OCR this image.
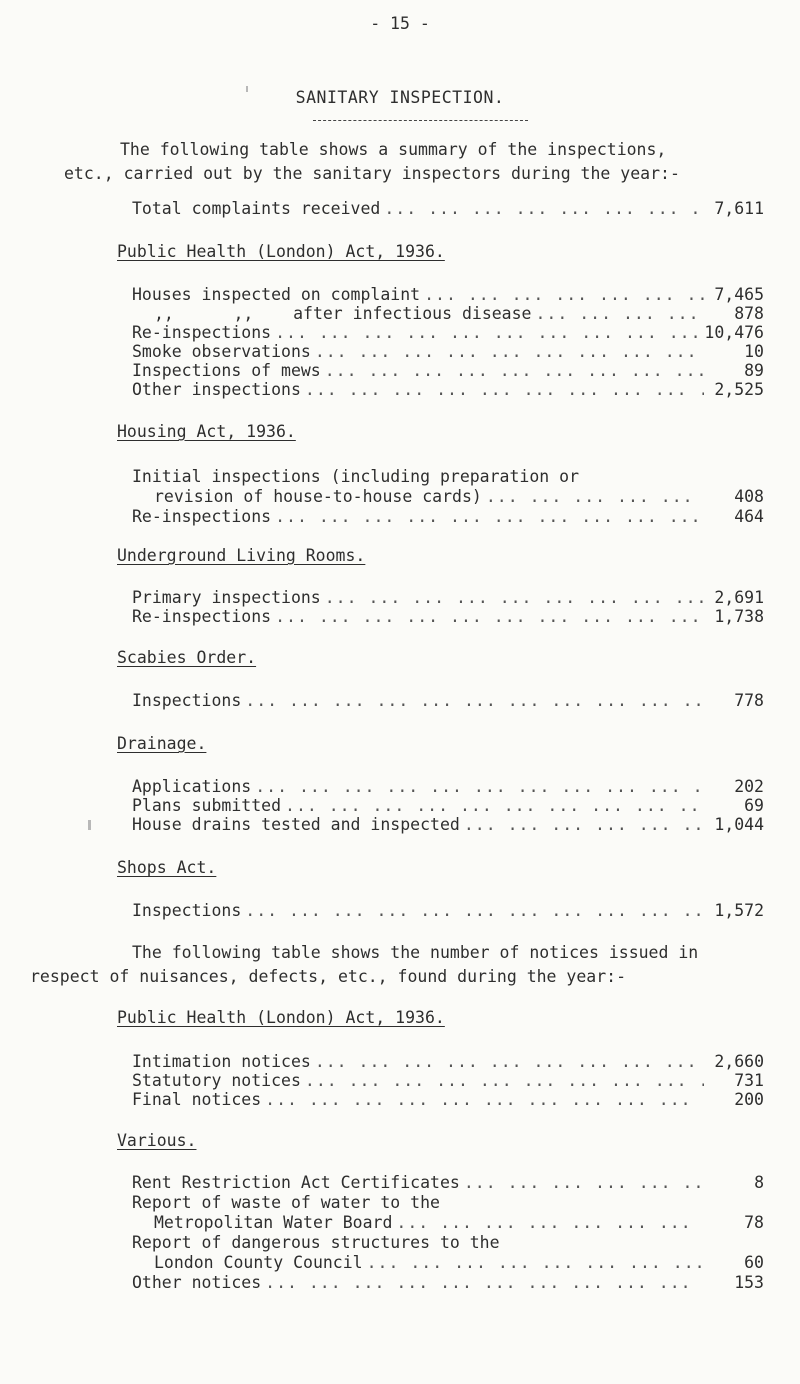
- 15 -
SANITARY INSPECTION.
The following table shows a summary of the inspections,
etc., carried out by the sanitary inspectors during the year:-
Total complaints received ... .	7,611
Public Health (London) Act, 1936.
Houses inspected on complaint ... .	7,465
,,      ,,    after infectious disease ... .	878
Re-inspections ... .	10,476
Smoke observations ... .	10
Inspections of mews ... .	89
Other inspections ... .	2,525
Housing Act, 1936.
Initial inspections (including preparation or
revision of house-to-house cards) ... .	408
Re-inspections ... .	464
Underground Living Rooms.
Primary inspections ... .	2,691
Re-inspections ... .	1,738
Scabies Order.
Inspections ... .	778
Drainage.
Applications ... .	202
Plans submitted ... .	69
House drains tested and inspected ... .	1,044
Shops Act.
Inspections ... .	1,572
The following table shows the number of notices issued in
respect of nuisances, defects, etc., found during the year:-
Public Health (London) Act, 1936.
Intimation notices ... .	2,660
Statutory notices ... .	731
Final notices ... .	200
Various.
Rent Restriction Act Certificates ... .	8
Report of waste of water to the
Metropolitan Water Board ... .	78
Report of dangerous structures to the
London County Council ... .	60
Other notices ... .	153
